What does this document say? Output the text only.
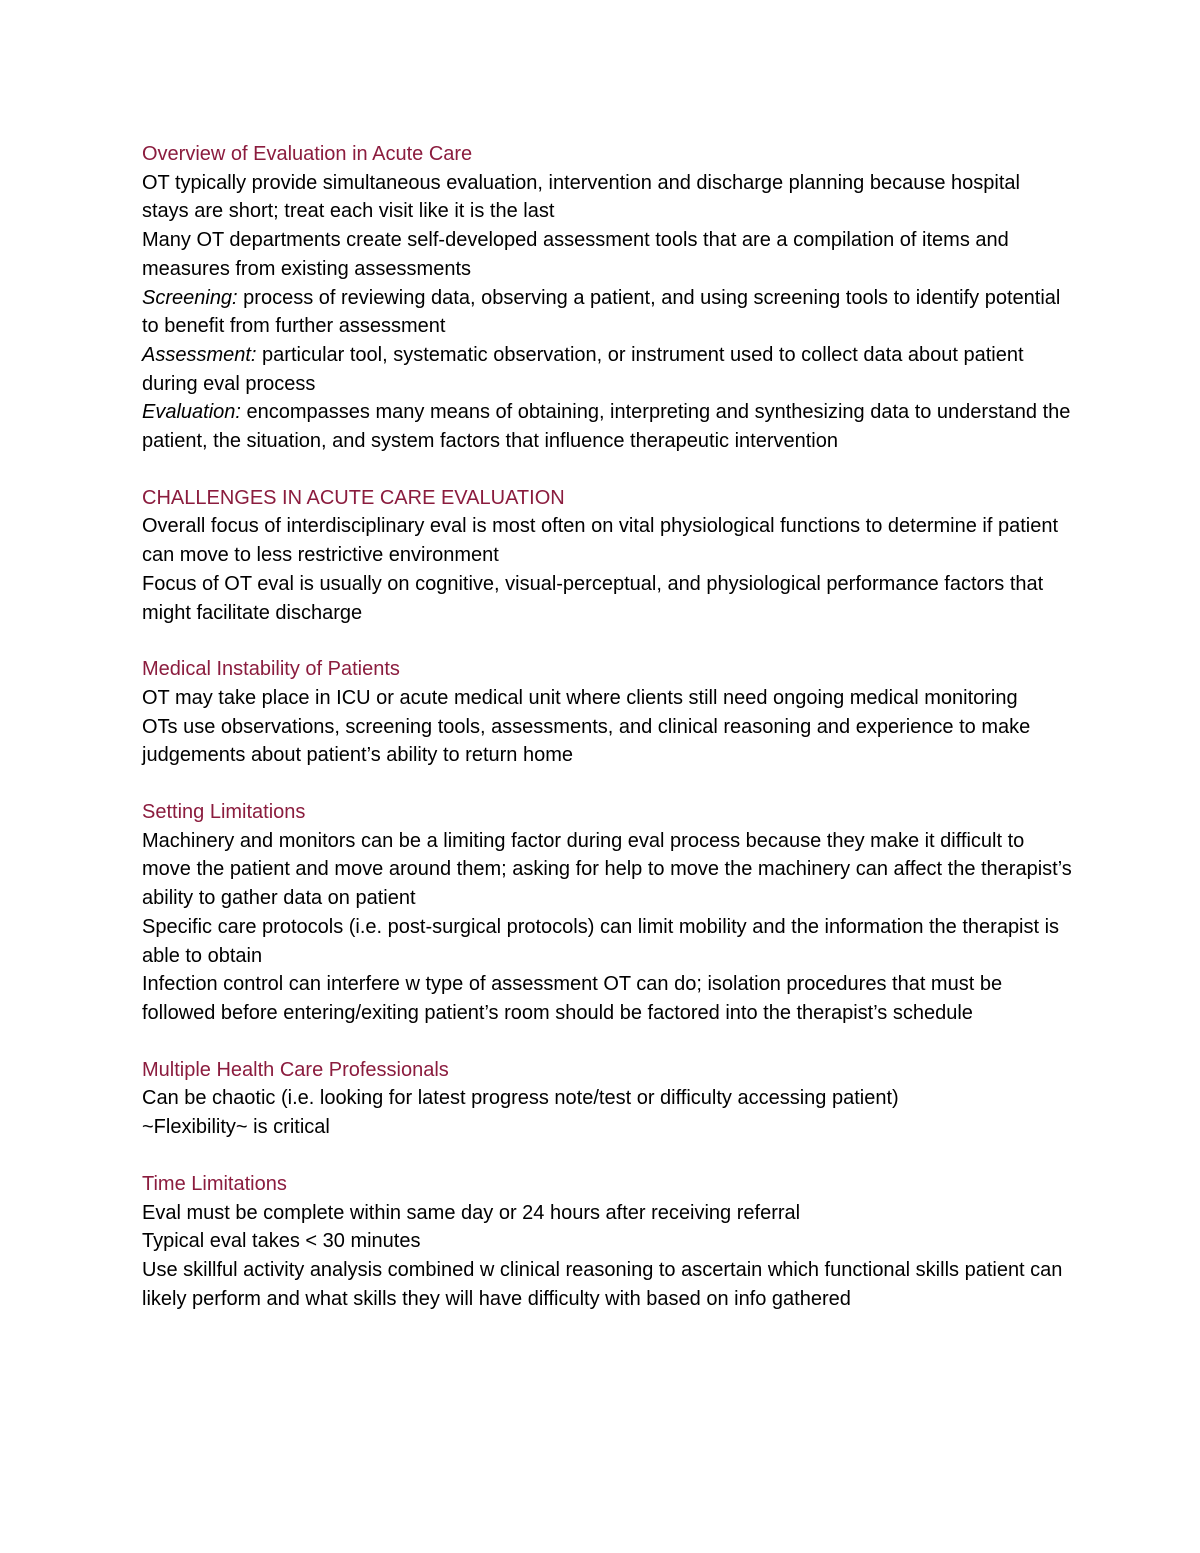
Overview of Evaluation in Acute Care

OT typically provide simultaneous evaluation, intervention and discharge planning because hospital stays are short; treat each visit like it is the last

Many OT departments create self-developed assessment tools that are a compilation of items and measures from existing assessments

Screening: process of reviewing data, observing a patient, and using screening tools to identify potential to benefit from further assessment

Assessment: particular tool, systematic observation, or instrument used to collect data about patient during eval process

Evaluation: encompasses many means of obtaining, interpreting and synthesizing data to understand the patient, the situation, and system factors that influence therapeutic intervention

CHALLENGES IN ACUTE CARE EVALUATION

Overall focus of interdisciplinary eval is most often on vital physiological functions to determine if patient can move to less restrictive environment

Focus of OT eval is usually on cognitive, visual-perceptual, and physiological performance factors that might facilitate discharge

Medical Instability of Patients

OT may take place in ICU or acute medical unit where clients still need ongoing medical monitoring

OTs use observations, screening tools, assessments, and clinical reasoning and experience to make judgements about patient’s ability to return home

Setting Limitations

Machinery and monitors can be a limiting factor during eval process because they make it difficult to move the patient and move around them; asking for help to move the machinery can affect the therapist’s ability to gather data on patient

Specific care protocols (i.e. post-surgical protocols) can limit mobility and the information the therapist is able to obtain

Infection control can interfere w type of assessment OT can do; isolation procedures that must be followed before entering/exiting patient’s room should be factored into the therapist’s schedule

Multiple Health Care Professionals

Can be chaotic (i.e. looking for latest progress note/test or difficulty accessing patient)

~Flexibility~ is critical

Time Limitations

Eval must be complete within same day or 24 hours after receiving referral

Typical eval takes < 30 minutes

Use skillful activity analysis combined w clinical reasoning to ascertain which functional skills patient can likely perform and what skills they will have difficulty with based on info gathered
